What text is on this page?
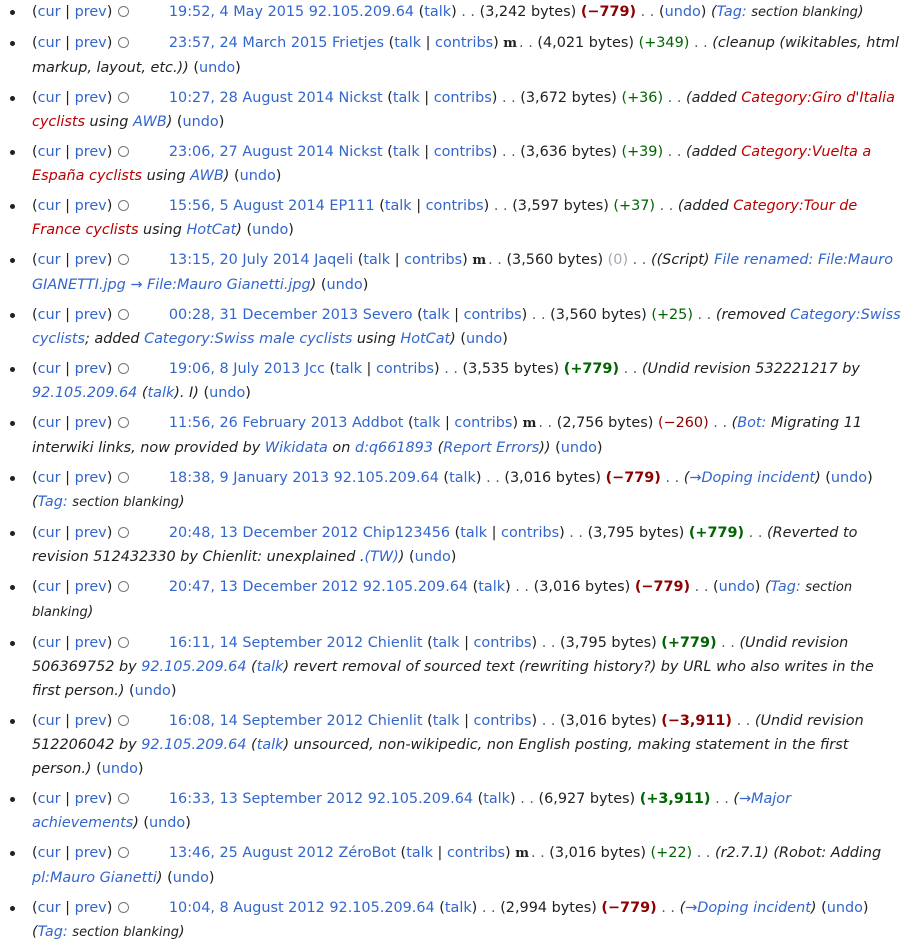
(cur | prev)	19:52, 4 May 2015 92.105.209.64 (talk) . . (3,242 bytes) (−779) . . (undo) (Tag: section blanking)
(cur | prev)	23:57, 24 March 2015 Frietjes (talk | contribs) m . . (4,021 bytes) (+349) . . (cleanup (wikitables, html markup, layout, etc.)) (undo)
(cur | prev)	10:27, 28 August 2014 Nickst (talk | contribs) . . (3,672 bytes) (+36) . . (added Category:Giro d'Italia cyclists using AWB) (undo)
(cur | prev)	23:06, 27 August 2014 Nickst (talk | contribs) . . (3,636 bytes) (+39) . . (added Category:Vuelta a España cyclists using AWB) (undo)
(cur | prev)	15:56, 5 August 2014 EP111 (talk | contribs) . . (3,597 bytes) (+37) . . (added Category:Tour de France cyclists using HotCat) (undo)
(cur | prev)	13:15, 20 July 2014 Jaqeli (talk | contribs) m . . (3,560 bytes) (0) . . ((Script) File renamed: File:Mauro GIANETTI.jpg → File:Mauro Gianetti.jpg) (undo)
(cur | prev)	00:28, 31 December 2013 Severo (talk | contribs) . . (3,560 bytes) (+25) . . (removed Category:Swiss cyclists; added Category:Swiss male cyclists using HotCat) (undo)
(cur | prev)	19:06, 8 July 2013 Jcc (talk | contribs) . . (3,535 bytes) (+779) . . (Undid revision 532221217 by 92.105.209.64 (talk). I) (undo)
(cur | prev)	11:56, 26 February 2013 Addbot (talk | contribs) m . . (2,756 bytes) (−260) . . (Bot: Migrating 11 interwiki links, now provided by Wikidata on d:q661893 (Report Errors)) (undo)
(cur | prev)	18:38, 9 January 2013 92.105.209.64 (talk) . . (3,016 bytes) (−779) . . (→Doping incident) (undo) (Tag: section blanking)
(cur | prev)	20:48, 13 December 2012 Chip123456 (talk | contribs) . . (3,795 bytes) (+779) . . (Reverted to revision 512432330 by Chienlit: unexplained .(TW)) (undo)
(cur | prev)	20:47, 13 December 2012 92.105.209.64 (talk) . . (3,016 bytes) (−779) . . (undo) (Tag: section blanking)
(cur | prev)	16:11, 14 September 2012 Chienlit (talk | contribs) . . (3,795 bytes) (+779) . . (Undid revision 506369752 by 92.105.209.64 (talk) revert removal of sourced text (rewriting history?) by URL who also writes in the first person.) (undo)
(cur | prev)	16:08, 14 September 2012 Chienlit (talk | contribs) . . (3,016 bytes) (−3,911) . . (Undid revision 512206042 by 92.105.209.64 (talk) unsourced, non-wikipedic, non English posting, making statement in the first person.) (undo)
(cur | prev)	16:33, 13 September 2012 92.105.209.64 (talk) . . (6,927 bytes) (+3,911) . . (→Major achievements) (undo)
(cur | prev)	13:46, 25 August 2012 ZéroBot (talk | contribs) m . . (3,016 bytes) (+22) . . (r2.7.1) (Robot: Adding pl:Mauro Gianetti) (undo)
(cur | prev)	10:04, 8 August 2012 92.105.209.64 (talk) . . (2,994 bytes) (−779) . . (→Doping incident) (undo) (Tag: section blanking)
